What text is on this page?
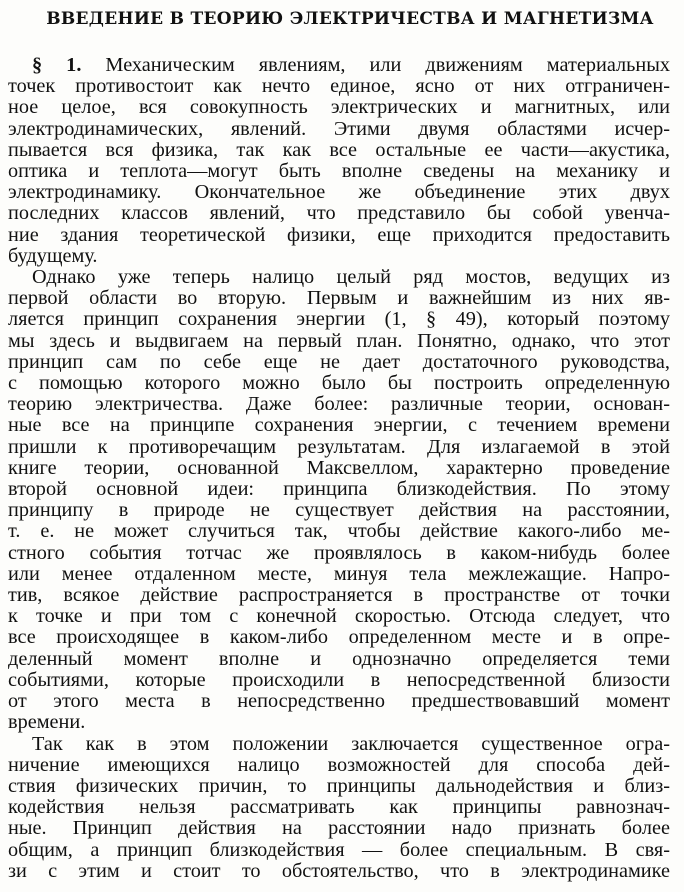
ВВЕДЕНИЕ В ТЕОРИЮ ЭЛЕКТРИЧЕСТВА И МАГНЕТИЗМА

§ 1. Механическим явлениям, или движениям материальных
точек противостоит как нечто единое, ясно от них отграничен-
ное целое, вся совокупность электрических и магнитных, или
электродинамических, явлений. Этими двумя областями исчер-
пывается вся физика, так как все остальные ее части—акустика,
оптика и теплота—могут быть вполне сведены на механику и
электродинамику. Окончательное же объединение этих двух
последних классов явлений, что представило бы собой увенча-
ние здания теоретической физики, еще приходится предоставить
будущему.

Однако уже теперь налицо целый ряд мостов, ведущих из
первой области во вторую. Первым и важнейшим из них яв-
ляется принцип сохранения энергии (1, § 49), который поэтому
мы здесь и выдвигаем на первый план. Понятно, однако, что этот
принцип сам по себе еще не дает достаточного руководства,
с помощью которого можно было бы построить определенную
теорию электричества. Даже более: различные теории, основан-
ные все на принципе сохранения энергии, с течением времени
пришли к противоречащим результатам. Для излагаемой в этой
книге теории, основанной Максвеллом, характерно проведение
второй основной идеи: принципа близкодействия. По этому
принципу в природе не существует действия на расстоянии,
т. е. не может случиться так, чтобы действие какого-либо ме-
стного события тотчас же проявлялось в каком-нибудь более
или менее отдаленном месте, минуя тела межлежащие. Напро-
тив, всякое действие распространяется в пространстве от точки
к точке и при том с конечной скоростью. Отсюда следует, что
все происходящее в каком-либо определенном месте и в опре-
деленный момент вполне и однозначно определяется теми
событиями, которые происходили в непосредственной близости
от этого места в непосредственно предшествовавший момент
времени.

Так как в этом положении заключается существенное огра-
ничение имеющихся налицо возможностей для способа дей-
ствия физических причин, то принципы дальнодействия и близ-
кодействия нельзя рассматривать как принципы равнознач-
ные. Принцип действия на расстоянии надо признать более
общим, а принцип близкодействия — более специальным. В свя-
зи с этим и стоит то обстоятельство, что в электродинамике
